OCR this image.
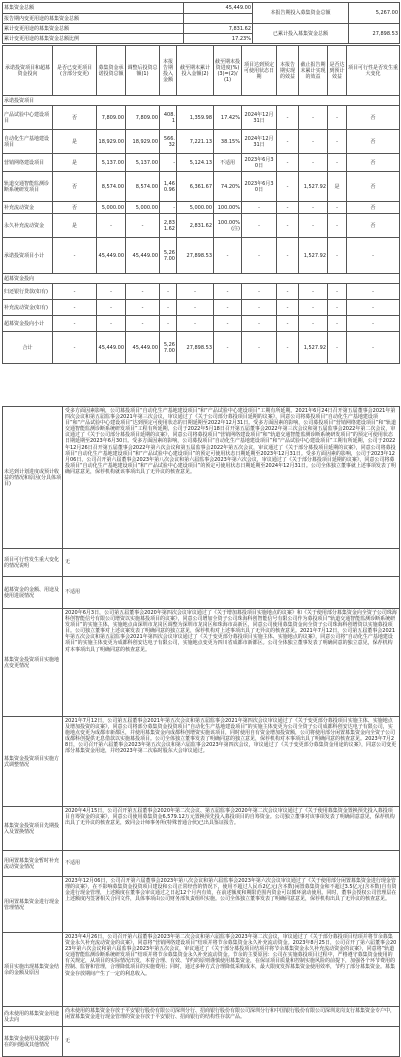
募集资金总额	45,449.00	本报告期投入募集资金总额	5,267.00
报告期内变更用途的募集资金总额			
累计变更用途的募集资金总额	7,831.62	已累计投入募集资金总额	27,898.53
累计变更用途的募集资金总额比例	17.23%		
承诺投资项目和超募资金投向	是否已变更项目(含部分变更)	募集资金承诺投资总额	调整后投资总额(1)	本报告期投入金额	截至期末累计投入金额(2)	截至期末投资进度(%)(3)=(2)/(1)	项目达到预定可使用状态日期	本报告期实现的效益	截止报告期末累计实现的效益	是否达到预计效益	项目可行性是否发生重大变化
承诺投资项目											
产品试验中心建设项目	否	7,809.00	7,809.00	408.1	1,359.98	17.42%	2024年12月31日	-	-	-	否
自动化生产基地建设项目	是	18,929.00	18,929.00	566.32	7,221.13	38.15%	2024年12月31日	-	-	-	否
营销网络建设项目	是	5,137.00	5,137.00	-	5,124.13	不适用	2023年6月30日	-	-	-	否
轨道交通智能监测诊断系统研发项目	否	8,574.00	8,574.00	1,460.96	6,361.67	74.20%	2023年6月30日	-	1,527.92	是	否
补充流动资金	否	5,000.00	5,000.00	-	5,000.00	100.00%	-	-	-	-	否
永久补充流动资金	是	-	-	2,831.62	2,831.62	100.00%(注)	-	-	-	-	否
承诺投资项目小计	-	45,449.00	45,449.00	5,267.00	27,898.53	-	-	-	1,527.92	-	-
超募资金投向											
归还银行贷款(如有)	-	-	-	-	-	-	-	-	-	-	-
补充流动资金(如有)	-	-	-	-	-	-	-	-	-	-	-
超募资金投向小计	-	-	-	-	-	-	-	-	-	-	-
合计	-	45,449.00	45,449.00	5,267.00	27,898.53	-	-	-	1,527.92	-	-
未达到计划进度或预计收益的情况和原因(分具体项目)	受多方面因素影响，公司募投项目“自动化生产基地建设项目”和“产品试验中心建设项目”工期有所延期。2021年6月24日召开第五届董事会2021年第四次会议和第五届监事会2021年第三次会议，审议通过了《关于公司部分募投项目延期的议案》，同意公司将募投项目“自动化生产基地建设项目”和“产品试验中心建设项目”达到预定可使用状态的日期延期至2022年12月31日。受多方面因素的影响，公司募投项目“营销网络建设项目”和“轨道交通智能监测诊断系统研发项目”工程有所延期，公司于2022年5月18日召开第五届董事会2022年第三次会议和第五届监事会2022年第二次会议，审议通过了《关于公司部分募投项目延期的议案》，同意公司将募投项目“营销网络建设项目”和“轨道交通智能监测诊断系统研发项目”的预定可使用状态日期延期至2023年6月30日。受多方面因素的影响，公司募投项目“自动化生产基地建设项目”和“产品试验中心建设项目”工期有所延期，公司于2022年12月26日召开第五届董事会2022年第六次会议和第五届监事会2022年第五次会议，审议通过了《关于部分募投项目延期的议案》，同意公司将募投项目“自动化生产基地建设项目”和“产品试验中心建设项目”的预定可使用状态日期延期至2023年12月31日。受多方面因素的影响，公司于2023年12月06日，公司召开第六届董事会2023年第八次会议和第六届监事会2023年第六次会议，审议通过了《关于部分募投项目延期的议案》，同意公司将募投项目“自动化生产基地建设项目”和“产品试验中心建设项目”的预定可使用状态日期延期至2024年12月31日。公司全体独立董事就上述事项发表了明确同意意见，保荐机构就该事项出具了无异议的核查意见。
项目可行性发生重大变化的情况说明	无
超募资金的金额、用途及使用进展情况	不适用
募集资金投资项目实施地点变更情况	2020年6月3日，公司第五届董事会2020年第四次会议审议通过了《关于增加募投项目实施地点的议案》和《关于使用部分募集资金向全资子公司珠海科创智能信号有限公司增资以实施募投项目的议案》，同意公司增加全资子公司珠海科创智能信号有限公司作为募投项目“轨道交通智能监测诊断系统研发项目”的实施主体，实施地点由深圳市龙岗区调整为深圳市龙岗区和珠海市高新区，同意公司使用募集资金向全资子公司珠海科创增资以实施募投项目。公司独立董事对上述议案发表了明确同意的独立意见，保荐机构对上述事项出具了无异议的核查意见。2021年7月12日，公司第五届董事会2021年第五次会议和第五届监事会2021年第四次会议审议通过了《关于变更部分募投项目实施主体、实施地点的议案》，同意公司将“自动化生产基地建设项目”的实施主体变更为成都科创安达电子有限公司，实施地点变更为四川省成都市新都区。公司全体独立董事发表了明确同意的独立意见，保荐机构对本事项出具了明确同意的核查意见。
募集资金投资项目实施方式调整情况	2021年7月12日，公司第五届董事会2021年第五次会议和第五届监事会2021年第四次会议审议通过了《关于变更部分募投项目实施主体、实施地点及增加投资的议案》，同意公司将部分募集资金投资项目“自动化生产基地建设项目”的实施主体变更为公司全资子公司成都科创安达电子有限公司，实施地点变更为成都市新都区，并使用募集资金向成都科创增资实施该项目，同时使用自有资金增加投资额，公司将使用部分闲置募集资金向全资子公司成都科创提供无息借款以实施募投项目。公司全体独立董事发表了明确同意的独立意见，保荐机构对本事项出具了明确同意的核查意见。2023年7月28日，公司召开第六届董事会2023年第五次会议和第六届监事会2023年第四次会议，审议通过了《关于变更部分募集资金用途的议案》，同意公司变更部分募集资金用途，并经2023年第二次临时股东大会审议通过。
募集资金投资项目先期投入及置换情况	2020年4月15日，公司召开第五届董事会2020年第二次会议、第五届监事会2020年第二次会议审议通过了《关于使用募集资金置换预先投入募投项目自筹资金的议案》，同意公司使用募集资金6,579.12万元置换预先投入募投项目的自筹资金。公司独立董事对该事项发表了明确同意意见，保荐机构出具了无异议的核查意见，致同会计师事务所(特殊普通合伙)已出具鉴证报告。
用闲置募集资金暂时补充流动资金情况	不适用
用闲置募集资金进行现金管理情况	2023年12月06日，公司召开第六届董事会2023年第八次会议和第六届监事会2023年第六次会议审议通过了《关于使用部分闲置募集资金进行现金管理的议案》，在不影响募集资金投资项目建设和公司正常经营的情况下，使用不超过人民币2亿元(含本数)闲置募集资金和不超过3.5亿元(含本数)自有资金进行现金管理，上述额度在董事会审议通过之日起12个月内有效，在前述额度和期限范围内资金可以循环滚动使用。同时，董事会授权公司管理层在上述额度内签署相关合同文件，具体事项由公司财务部负责组织实施。公司全体独立董事发表了明确同意意见，保荐机构出具了无异议的核查意见。
项目实施出现募集资金结余的金额及原因	2023年4月26日，公司召开第六届董事会2023年第二次会议和第六届监事会2023年第二次会议，审议通过了《关于部分募投项目结项并将节余募集资金永久补充流动资金的议案》，同意将“营销网络建设项目”结项并将节余募集资金永久补充流动资金。2023年8月25日，公司召开了第六届董事会2023年第六次会议和第六届监事会2023年第五次会议，审议通过了《关于部分募投项目结项并将节余募集资金永久补充流动资金的议案》，同意将“轨道交通智能监测诊断系统研发项目”结项并将节余募集资金永久补充流动资金。节余的主要原因：公司在实施募投项目过程中，严格遵守募集资金使用的有关规定，从项目的实际情况出发，本着合理、有效、节约的原则谨慎使用募集资金，在保证项目质量和控制实施风险的前提下，加强各个环节费用的控制、监督和管理，合理降低项目的实施费用；同时，通过多种方式合理降低采购成本，最大限度发挥募集资金使用效率，节约了部分募集资金。募集资金存放期间产生了一定的利息收入。
尚未使用的募集资金用途及去向	尚未使用的募集资金存放于平安银行股份有限公司深圳分行、招商银行股份有限公司深圳分行和中国银行股份有限公司深圳龙岗支行募集资金专户中，闲置募集资金进行现金管理的资金存放于平安银行、招商银行的结构性存款产品。
募集资金使用及披露中存在的问题或其他情况	无
